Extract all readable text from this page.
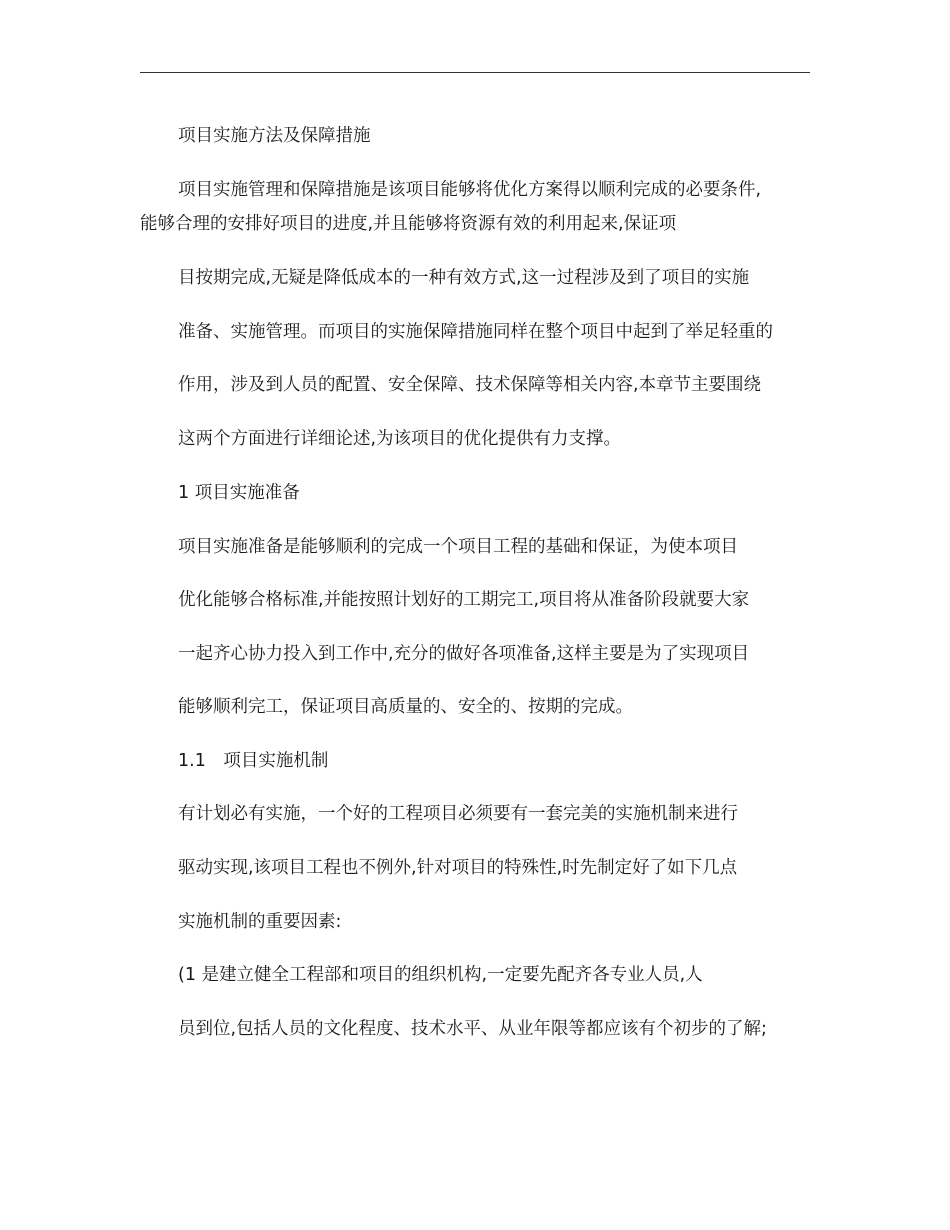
项目实施方法及保障措施
项目实施管理和保障措施是该项目能够将优化方案得以顺利完成的必要条件,
能够合理的安排好项目的进度,并且能够将资源有效的利用起来,保证项
目按期完成,无疑是降低成本的一种有效方式,这一过程涉及到了项目的实施
准备、实施管理。而项目的实施保障措施同样在整个项目中起到了举足轻重的
作用，涉及到人员的配置、安全保障、技术保障等相关内容,本章节主要围绕
这两个方面进行详细论述,为该项目的优化提供有力支撑。
1 项目实施准备
项目实施准备是能够顺利的完成一个项目工程的基础和保证，为使本项目
优化能够合格标准,并能按照计划好的工期完工,项目将从准备阶段就要大家
一起齐心协力投入到工作中,充分的做好各项准备,这样主要是为了实现项目
能够顺利完工，保证项目高质量的、安全的、按期的完成。
1.1　项目实施机制
有计划必有实施，一个好的工程项目必须要有一套完美的实施机制来进行
驱动实现,该项目工程也不例外,针对项目的特殊性,时先制定好了如下几点
实施机制的重要因素:
(1 是建立健全工程部和项目的组织机构,一定要先配齐各专业人员,人
员到位,包括人员的文化程度、技术水平、从业年限等都应该有个初步的了解;
